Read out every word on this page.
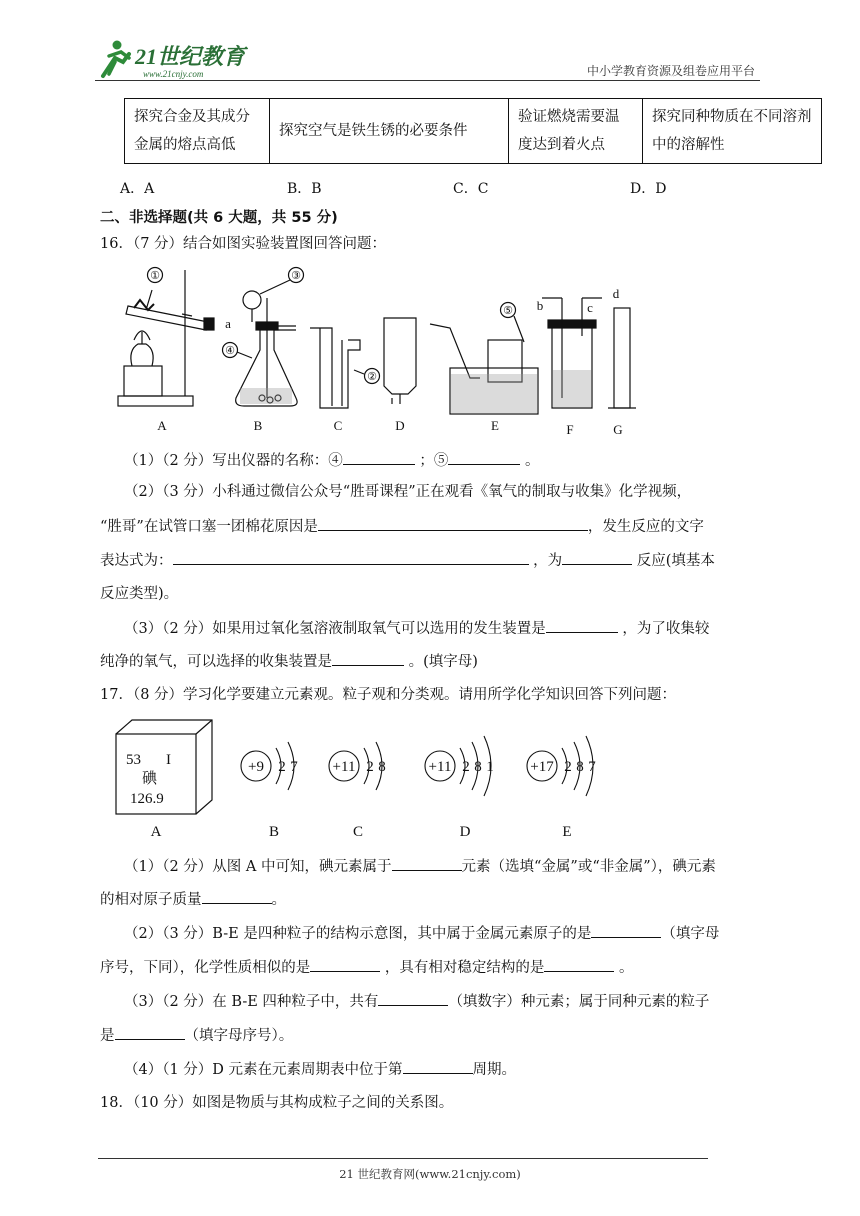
21世纪教育
www.21cnjy.com	中小学教育资源及组卷应用平台
探究合金及其成分金属的熔点高低	探究空气是铁生锈的必要条件	验证燃烧需要温度达到着火点	探究同种物质在不同溶剂中的溶解性
A．A	B．B	C．C	D．D
二、非选择题(共 6 大题，共 55 分)
16．（7 分）结合如图实验装置图回答问题：
①
②
③
④
⑤
a
b	c
d
A	B	C	D	E	F	G
（1）（2 分）写出仪器的名称：④	；⑤	。
（2）（3 分）小科通过微信公众号“胜哥课程”正在观看《氧气的制取与收集》化学视频，
“胜哥”在试管口塞一团棉花原因是	，发生反应的文字
表达式为：	，为	反应(填基本
反应类型)。
（3）（2 分）如果用过氧化氢溶液制取氧气可以选用的发生装置是	，为了收集较
纯净的氧气，可以选择的收集装置是	。(填字母)
17．（8 分）学习化学要建立元素观。粒子观和分类观。请用所学化学知识回答下列问题：
53 I
碘
126.9
+9 2 7 +11 2 8	+11 2 8 1 +17 2 8 7
A	B	C	D	E
（1）（2 分）从图 A 中可知，碘元素属于	元素（选填“金属”或“非金属”），碘元素
的相对原子质量	。
（2）（3 分）B-E 是四种粒子的结构示意图，其中属于金属元素原子的是	（填字母
序号，下同），化学性质相似的是	，具有相对稳定结构的是	。
（3）（2 分）在 B-E 四种粒子中，共有	（填数字）种元素；属于同种元素的粒子
是	（填字母序号）。
（4）（1 分）D 元素在元素周期表中位于第	周期。
18．（10 分）如图是物质与其构成粒子之间的关系图。
21 世纪教育网(www.21cnjy.com)
